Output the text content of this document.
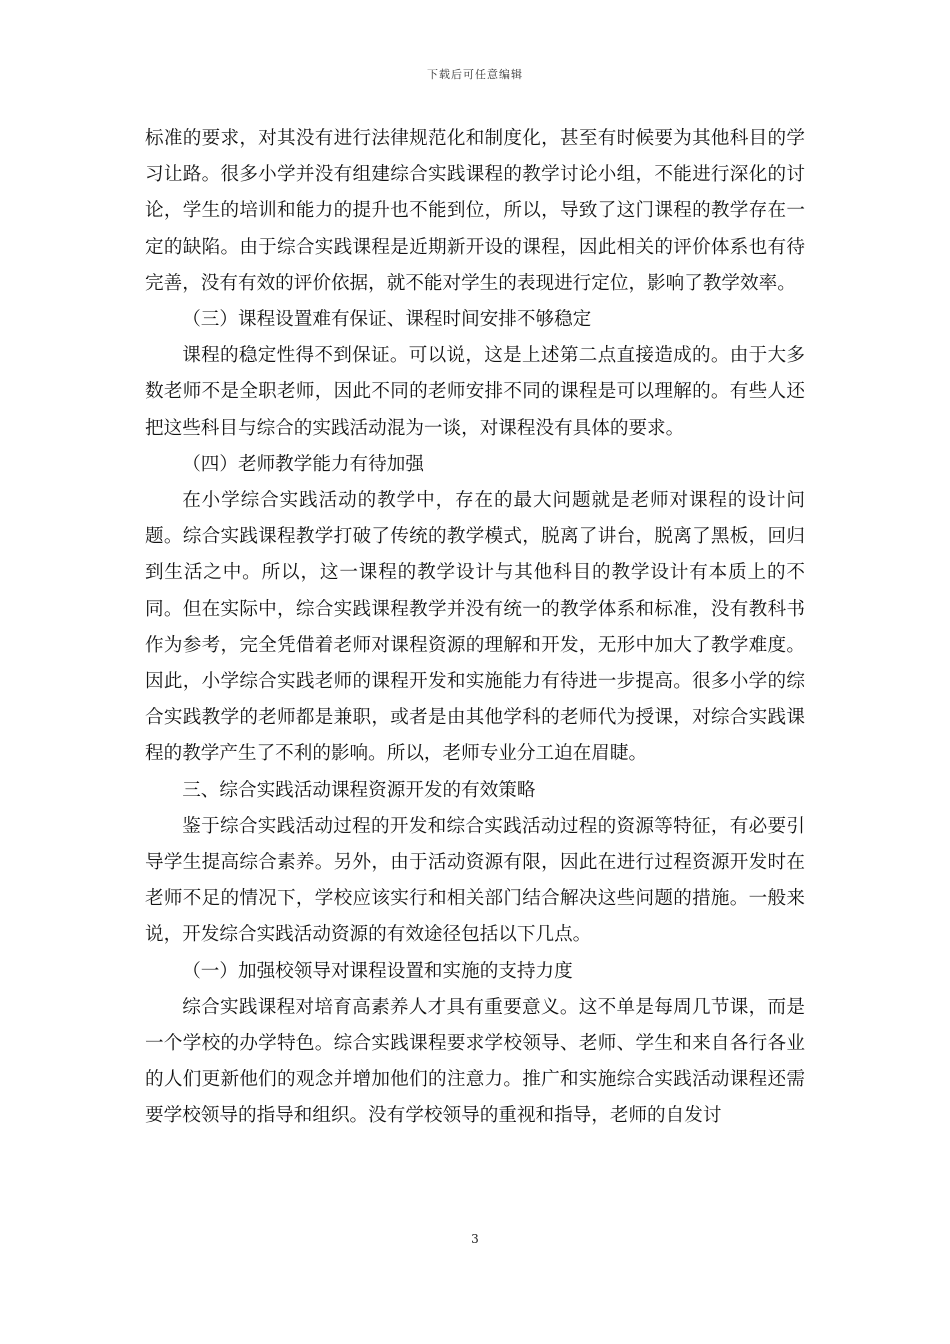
下载后可任意编辑

标准的要求，对其没有进行法律规范化和制度化，甚至有时候要为其他科目的学习让路。很多小学并没有组建综合实践课程的教学讨论小组，不能进行深化的讨论，学生的培训和能力的提升也不能到位，所以，导致了这门课程的教学存在一定的缺陷。由于综合实践课程是近期新开设的课程，因此相关的评价体系也有待完善，没有有效的评价依据，就不能对学生的表现进行定位，影响了教学效率。

（三）课程设置难有保证、课程时间安排不够稳定

课程的稳定性得不到保证。可以说，这是上述第二点直接造成的。由于大多数老师不是全职老师，因此不同的老师安排不同的课程是可以理解的。有些人还把这些科目与综合的实践活动混为一谈，对课程没有具体的要求。

（四）老师教学能力有待加强

在小学综合实践活动的教学中，存在的最大问题就是老师对课程的设计问题。综合实践课程教学打破了传统的教学模式，脱离了讲台，脱离了黑板，回归到生活之中。所以，这一课程的教学设计与其他科目的教学设计有本质上的不同。但在实际中，综合实践课程教学并没有统一的教学体系和标准，没有教科书作为参考，完全凭借着老师对课程资源的理解和开发，无形中加大了教学难度。因此，小学综合实践老师的课程开发和实施能力有待进一步提高。很多小学的综合实践教学的老师都是兼职，或者是由其他学科的老师代为授课，对综合实践课程的教学产生了不利的影响。所以，老师专业分工迫在眉睫。

三、综合实践活动课程资源开发的有效策略

鉴于综合实践活动过程的开发和综合实践活动过程的资源等特征，有必要引导学生提高综合素养。另外，由于活动资源有限，因此在进行过程资源开发时在老师不足的情况下，学校应该实行和相关部门结合解决这些问题的措施。一般来说，开发综合实践活动资源的有效途径包括以下几点。

（一）加强校领导对课程设置和实施的支持力度

综合实践课程对培育高素养人才具有重要意义。这不单是每周几节课，而是一个学校的办学特色。综合实践课程要求学校领导、老师、学生和来自各行各业的人们更新他们的观念并增加他们的注意力。推广和实施综合实践活动课程还需要学校领导的指导和组织。没有学校领导的重视和指导，老师的自发讨

3
